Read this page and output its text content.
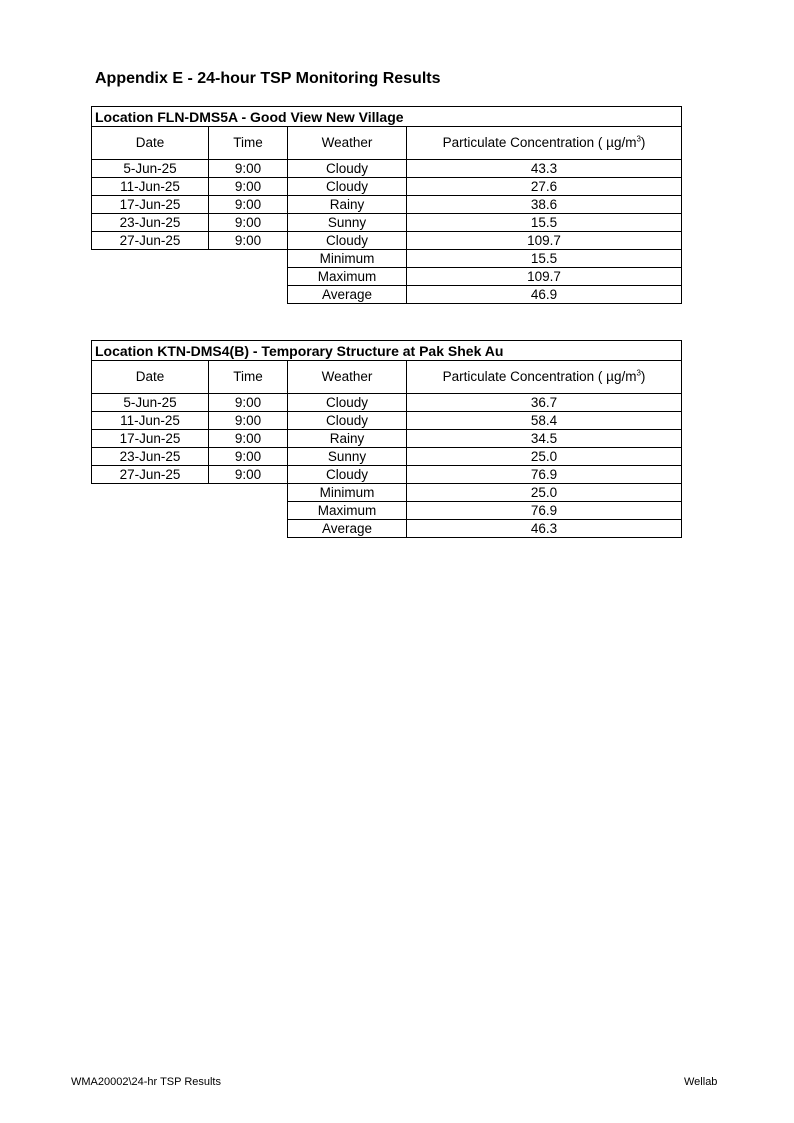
Appendix E - 24-hour TSP Monitoring Results
Location FLN-DMS5A - Good View New Village			
Date	Time	Weather	Particulate Concentration ( $\mu g/m^3$)
5-Jun-25	9:00	Cloudy	43.3
11-Jun-25	9:00	Cloudy	27.6
17-Jun-25	9:00	Rainy	38.6
23-Jun-25	9:00	Sunny	15.5
27-Jun-25	9:00	Cloudy	109.7
		Minimum	15.5
		Maximum	109.7
		Average	46.9
Location KTN-DMS4(B) - Temporary Structure at Pak Shek Au			
Date	Time	Weather	Particulate Concentration ( $\mu g/m^3$)
5-Jun-25	9:00	Cloudy	36.7
11-Jun-25	9:00	Cloudy	58.4
17-Jun-25	9:00	Rainy	34.5
23-Jun-25	9:00	Sunny	25.0
27-Jun-25	9:00	Cloudy	76.9
		Minimum	25.0
		Maximum	76.9
		Average	46.3
WMA20002\24-hr TSP Results	Wellab
